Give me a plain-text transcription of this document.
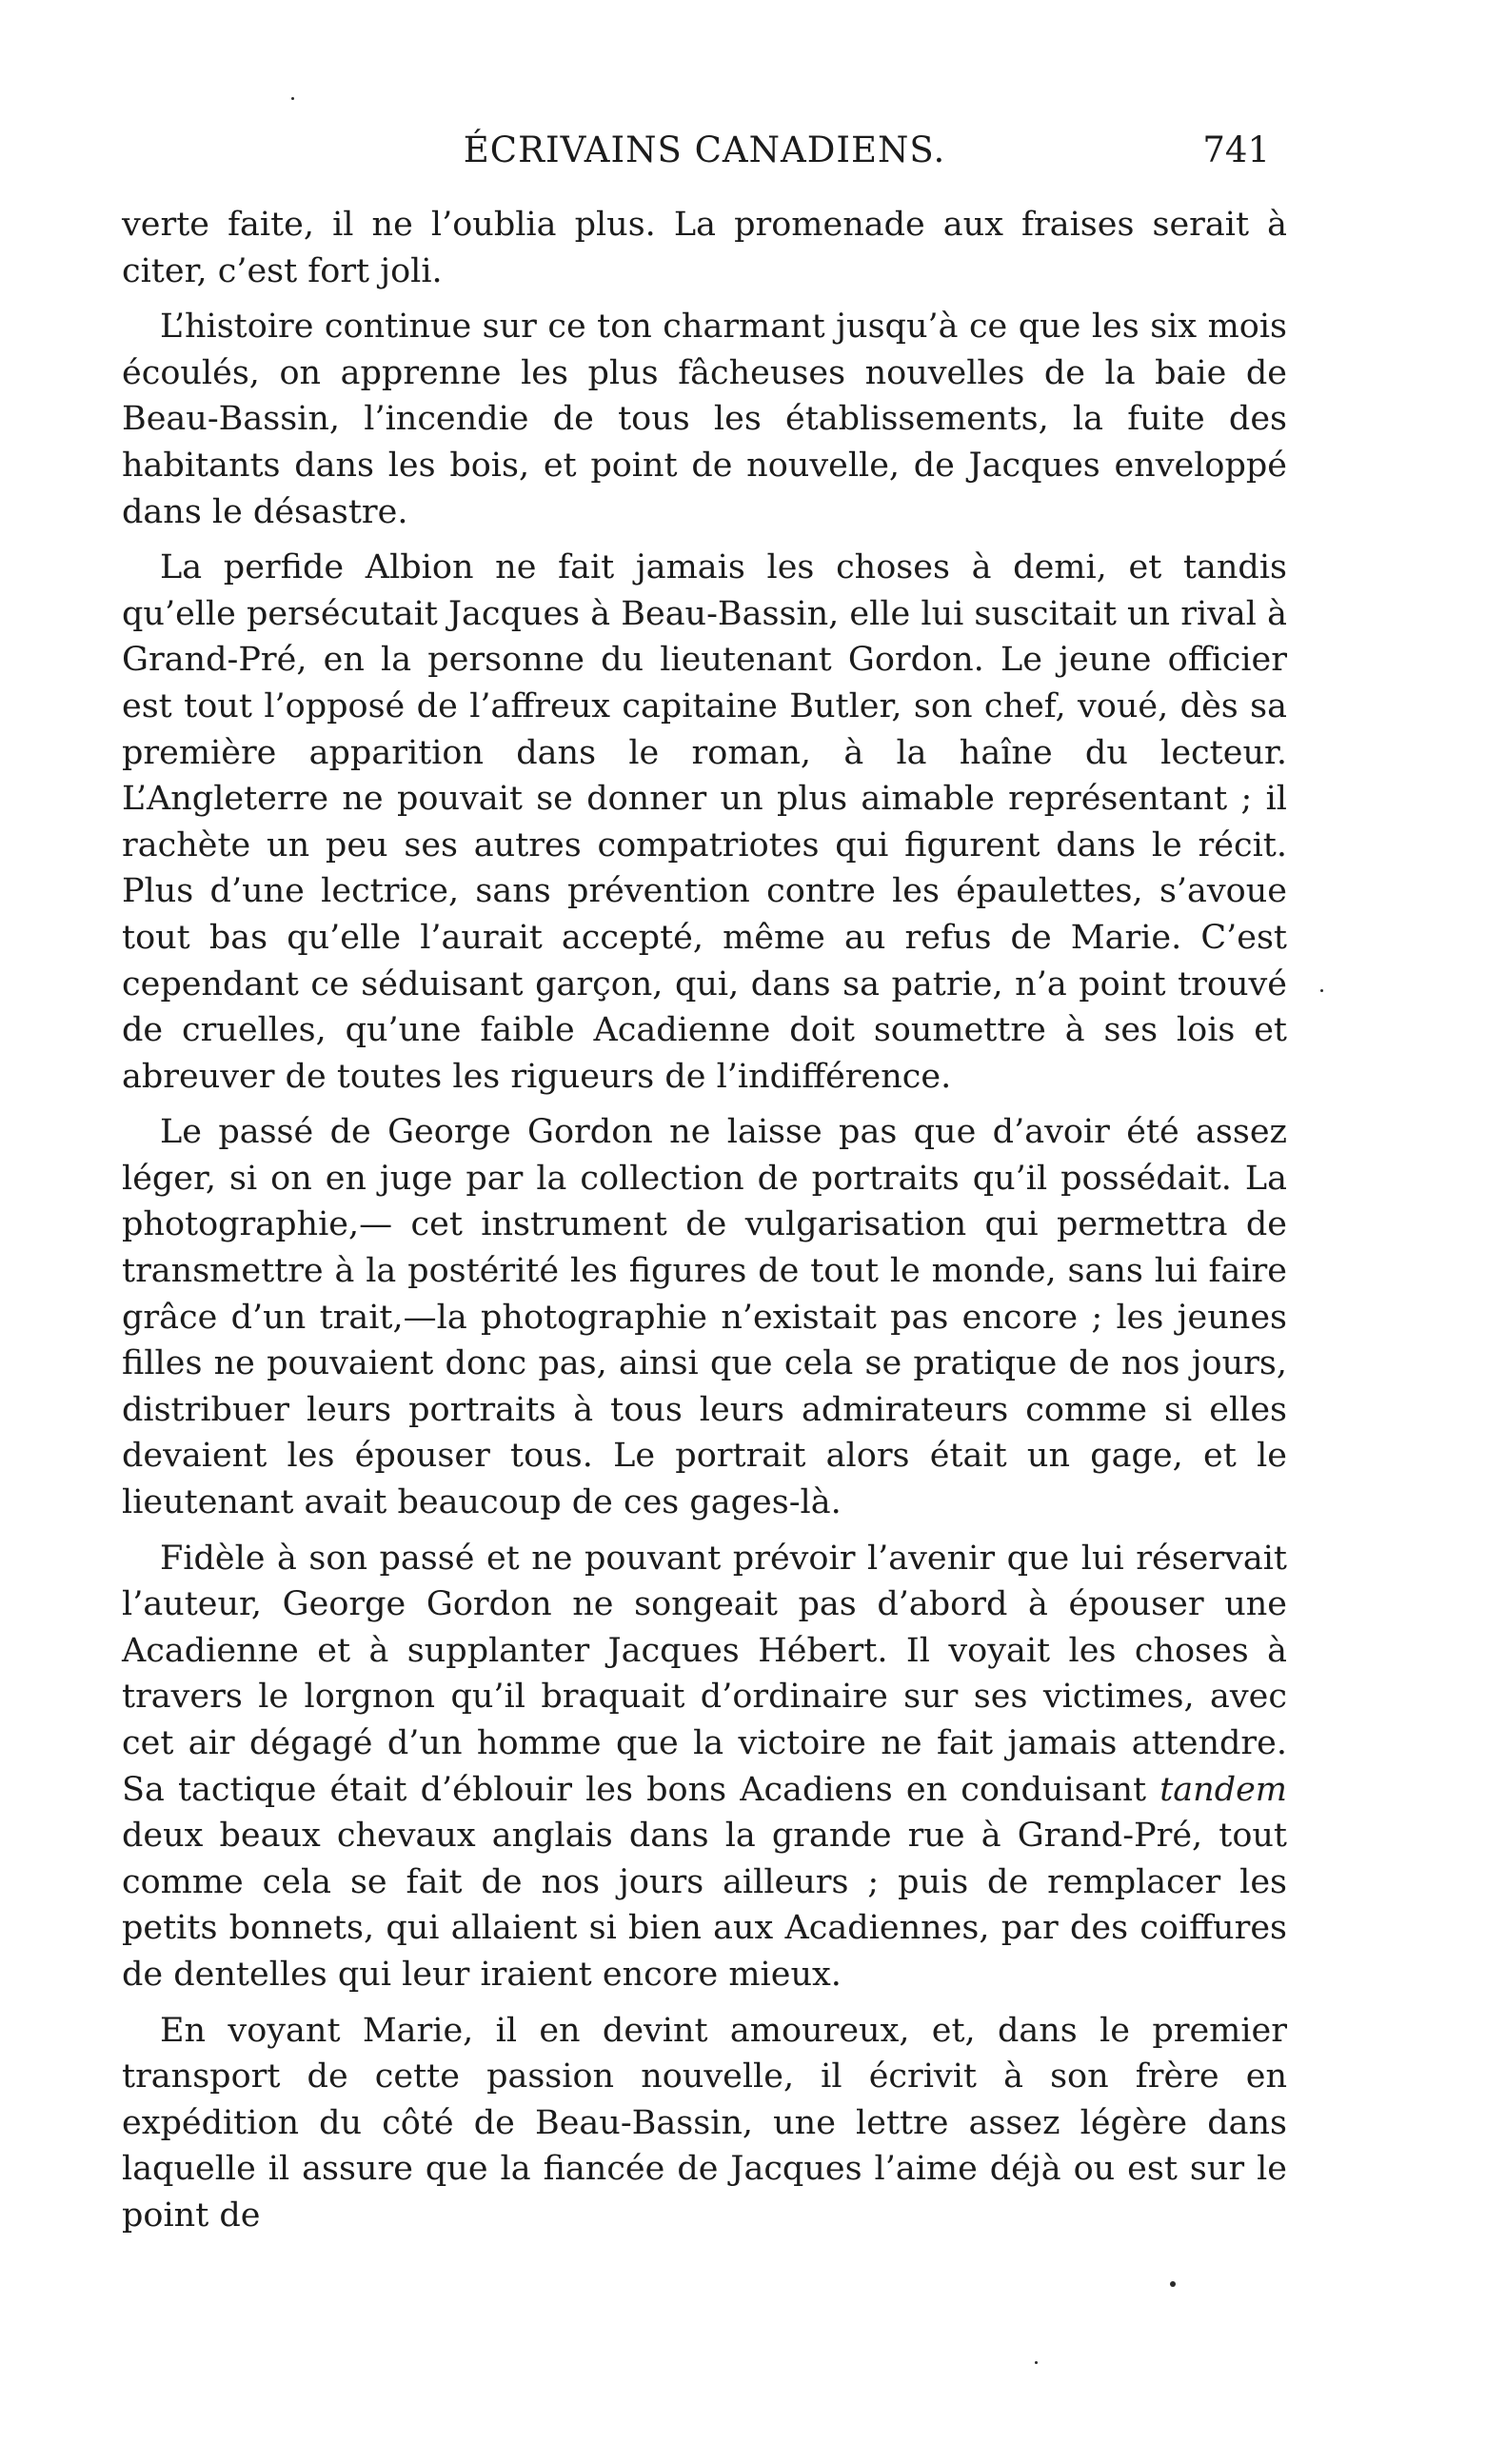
ÉCRIVAINS CANADIENS.	741

verte faite, il ne l’oublia plus. La promenade aux fraises serait à citer, c’est fort joli.

L’histoire continue sur ce ton charmant jusqu’à ce que les six mois écoulés, on apprenne les plus fâcheuses nouvelles de la baie de Beau-Bassin, l’incendie de tous les établissements, la fuite des habitants dans les bois, et point de nouvelle, de Jacques enveloppé dans le désastre.

La perfide Albion ne fait jamais les choses à demi, et tandis qu’elle persécutait Jacques à Beau-Bassin, elle lui suscitait un rival à Grand-Pré, en la personne du lieutenant Gordon. Le jeune officier est tout l’opposé de l’affreux capitaine Butler, son chef, voué, dès sa première apparition dans le roman, à la haîne du lecteur. L’Angleterre ne pouvait se donner un plus aimable représentant ; il rachète un peu ses autres compatriotes qui figurent dans le récit. Plus d’une lectrice, sans prévention contre les épaulettes, s’avoue tout bas qu’elle l’aurait accepté, même au refus de Marie. C’est cependant ce séduisant garçon, qui, dans sa patrie, n’a point trouvé de cruelles, qu’une faible Acadienne doit soumettre à ses lois et abreuver de toutes les rigueurs de l’indifférence.

Le passé de George Gordon ne laisse pas que d’avoir été assez léger, si on en juge par la collection de portraits qu’il possédait. La photographie,— cet instrument de vulgarisation qui permettra de transmettre à la postérité les figures de tout le monde, sans lui faire grâce d’un trait,—la photographie n’existait pas encore ; les jeunes filles ne pouvaient donc pas, ainsi que cela se pratique de nos jours, distribuer leurs portraits à tous leurs admirateurs comme si elles devaient les épouser tous. Le portrait alors était un gage, et le lieutenant avait beaucoup de ces gages-là.

Fidèle à son passé et ne pouvant prévoir l’avenir que lui réservait l’auteur, George Gordon ne songeait pas d’abord à épouser une Acadienne et à supplanter Jacques Hébert. Il voyait les choses à travers le lorgnon qu’il braquait d’ordinaire sur ses victimes, avec cet air dégagé d’un homme que la victoire ne fait jamais attendre. Sa tactique était d’éblouir les bons Acadiens en conduisant tandem deux beaux chevaux anglais dans la grande rue à Grand-Pré, tout comme cela se fait de nos jours ailleurs ; puis de remplacer les petits bonnets, qui allaient si bien aux Acadiennes, par des coiffures de dentelles qui leur iraient encore mieux.

En voyant Marie, il en devint amoureux, et, dans le premier transport de cette passion nouvelle, il écrivit à son frère en expédition du côté de Beau-Bassin, une lettre assez légère dans laquelle il assure que la fiancée de Jacques l’aime déjà ou est sur le point de
